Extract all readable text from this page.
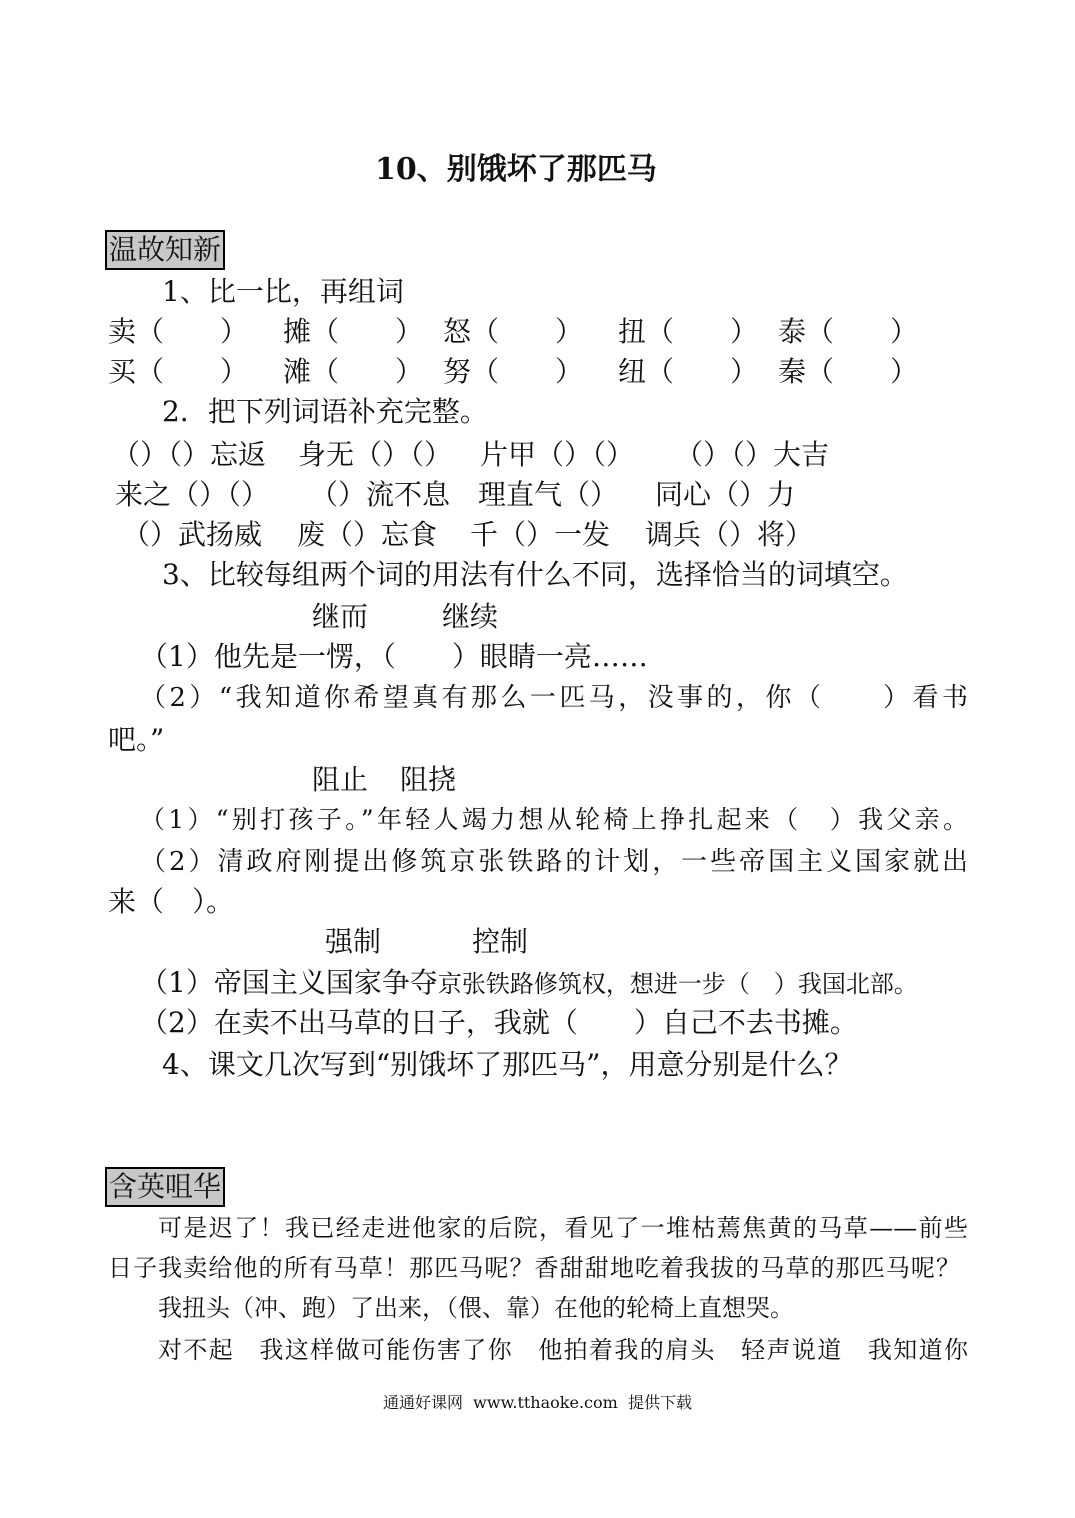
10、别饿坏了那匹马
温故知新
1、比一比，再组词
卖（　　） 摊（　　） 怒（　　） 扭（　　） 泰（　　）
买（　　） 滩（　　） 努（　　） 纽（　　） 秦（　　）
2．把下列词语补充完整。
（）（）忘返 身无（）（） 片甲（）（） （）（）大吉
来之（）（） （）流不息 理直气（） 同心（）力
（）武扬威 废（）忘食 千（）一发 调兵（）将）
3、比较每组两个词的用法有什么不同，选择恰当的词填空。
继而	继续
（1）他先是一愣，（　　）眼睛一亮……
（2）“我知道你希望真有那么一匹马，没事的，你（　　）看书
吧。”
阻止 阻挠
（1）“别打孩子。”年轻人竭力想从轮椅上挣扎起来（　）我父亲。
（2）清政府刚提出修筑京张铁路的计划，一些帝国主义国家就出
来（　）。
强制	控制
（1）帝国主义国家争夺京张铁路修筑权，想进一步（　）我国北部。
（2）在卖不出马草的日子，我就（　　）自己不去书摊。
4、课文几次写到“别饿坏了那匹马”，用意分别是什么？
含英咀华
可是迟了！我已经走进他家的后院，看见了一堆枯蔫焦黄的马草——前些
日子我卖给他的所有马草！那匹马呢？香甜甜地吃着我拔的马草的那匹马呢？
我扭头（冲、跑）了出来，（偎、靠）在他的轮椅上直想哭。
对不起　我这样做可能伤害了你　他拍着我的肩头　轻声说道　我知道你
通通好课网  www.tthaoke.com  提供下载
